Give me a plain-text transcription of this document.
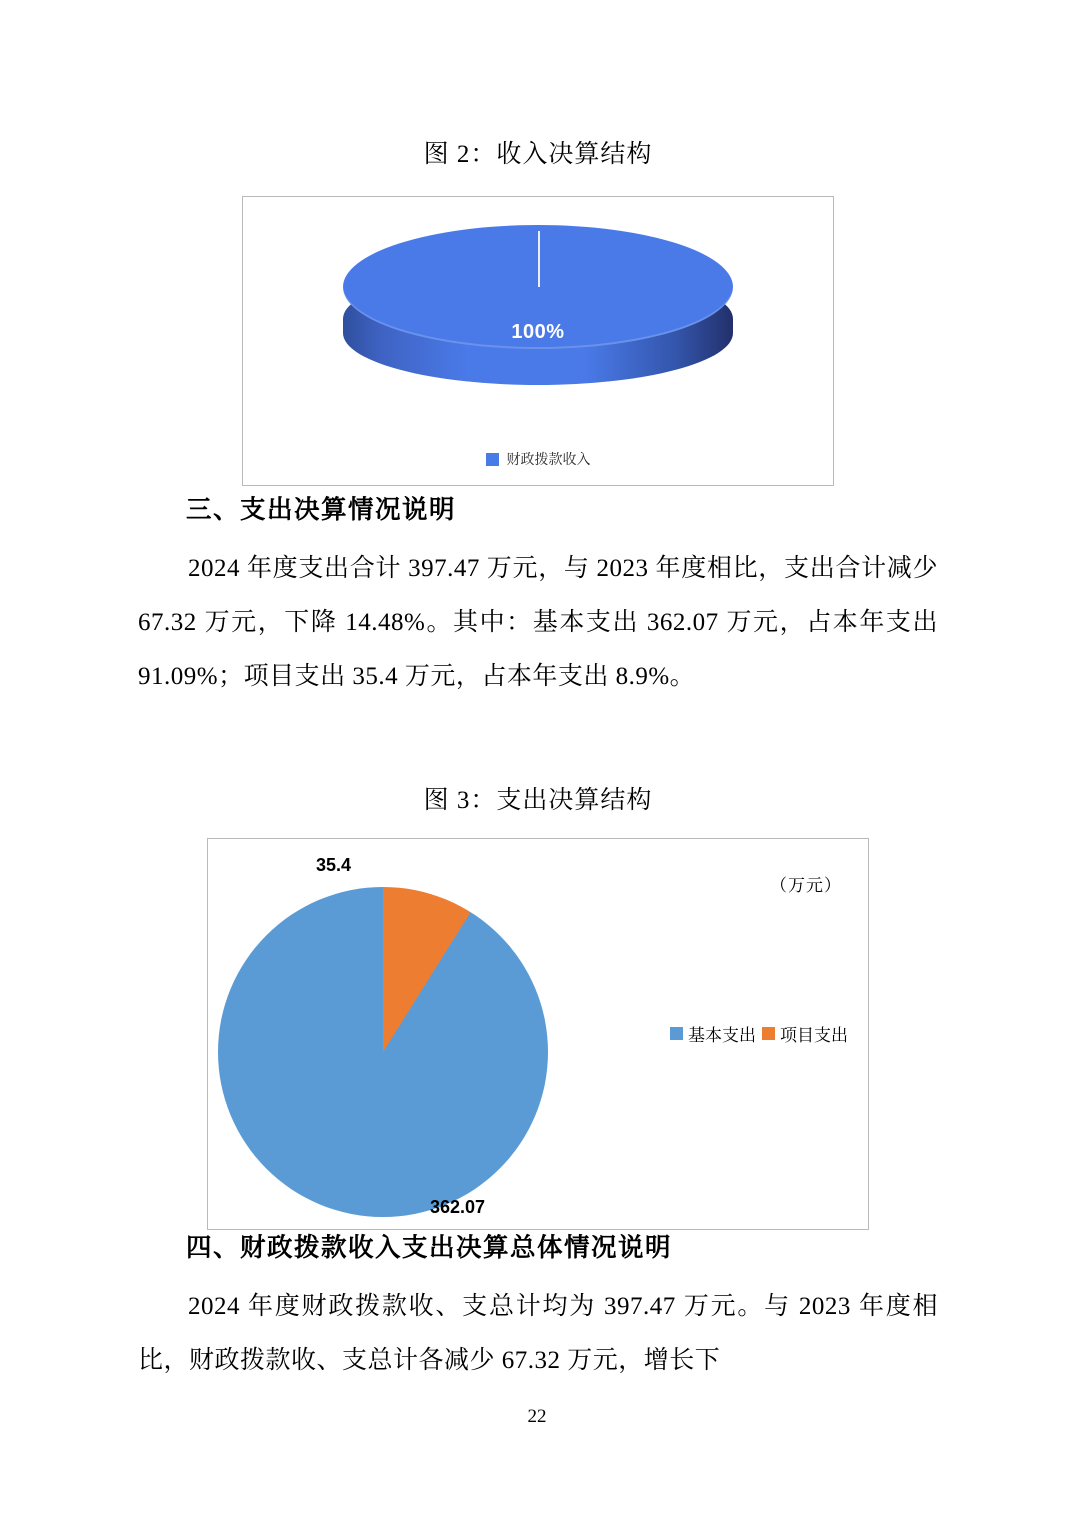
图 2：收入决算结构
100%
财政拨款收入
三、支出决算情况说明
2024 年度支出合计 397.47 万元，与 2023 年度相比，支出合计减少 67.32 万元，下降 14.48%。其中：基本支出 362.07 万元，占本年支出 91.09%；项目支出 35.4 万元，占本年支出 8.9%。
图 3：支出决算结构
35.4
362.07
（万元）
基本支出 项目支出
四、财政拨款收入支出决算总体情况说明
2024 年度财政拨款收、支总计均为 397.47 万元。与 2023 年度相比，财政拨款收、支总计各减少 67.32 万元，增长下
22
